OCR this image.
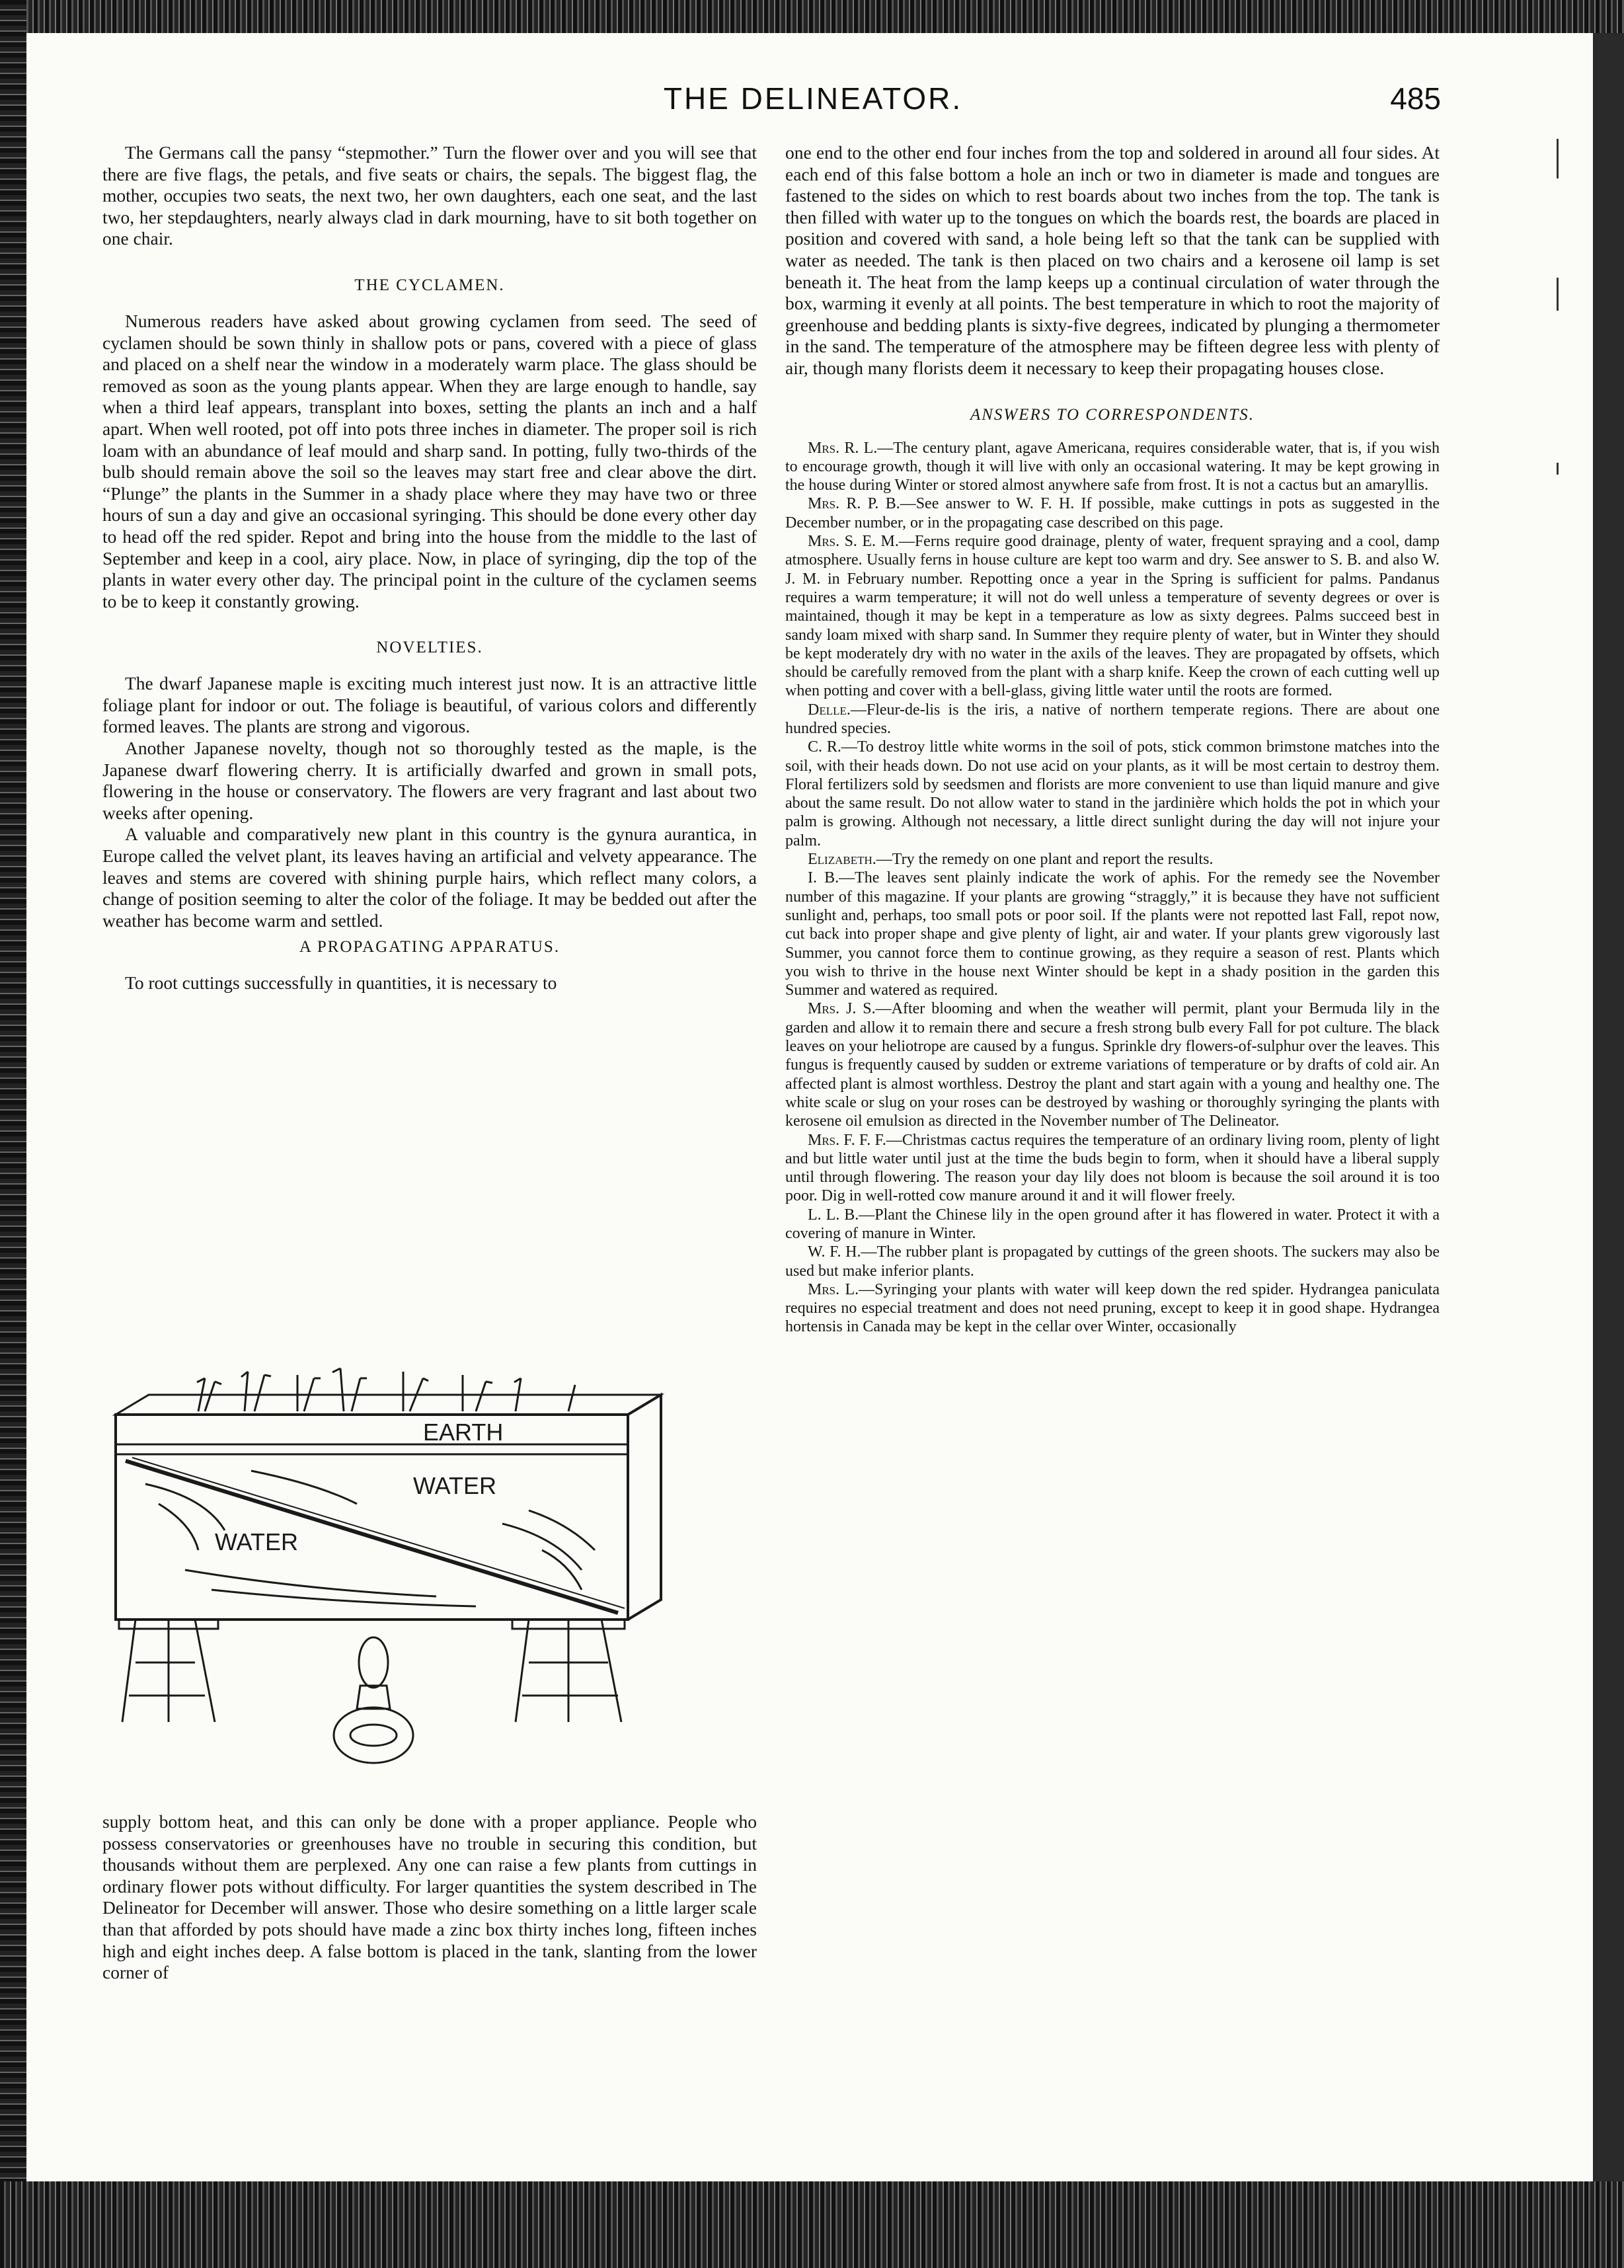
THE DELINEATOR.	485

The Germans call the pansy “stepmother.” Turn the flower over and you will see that there are five flags, the petals, and five seats or chairs, the sepals. The biggest flag, the mother, occupies two seats, the next two, her own daughters, each one seat, and the last two, her stepdaughters, nearly always clad in dark mourning, have to sit both together on one chair.

THE CYCLAMEN.

Numerous readers have asked about growing cyclamen from seed. The seed of cyclamen should be sown thinly in shallow pots or pans, covered with a piece of glass and placed on a shelf near the window in a moderately warm place. The glass should be removed as soon as the young plants appear. When they are large enough to handle, say when a third leaf appears, transplant into boxes, setting the plants an inch and a half apart. When well rooted, pot off into pots three inches in diameter. The proper soil is rich loam with an abundance of leaf mould and sharp sand. In potting, fully two-thirds of the bulb should remain above the soil so the leaves may start free and clear above the dirt. “Plunge” the plants in the Summer in a shady place where they may have two or three hours of sun a day and give an occasional syringing. This should be done every other day to head off the red spider. Repot and bring into the house from the middle to the last of September and keep in a cool, airy place. Now, in place of syringing, dip the top of the plants in water every other day. The principal point in the culture of the cyclamen seems to be to keep it constantly growing.

NOVELTIES.

The dwarf Japanese maple is exciting much interest just now. It is an attractive little foliage plant for indoor or out. The foliage is beautiful, of various colors and differently formed leaves. The plants are strong and vigorous.

Another Japanese novelty, though not so thoroughly tested as the maple, is the Japanese dwarf flowering cherry. It is artificially dwarfed and grown in small pots, flowering in the house or conservatory. The flowers are very fragrant and last about two weeks after opening.

A valuable and comparatively new plant in this country is the gynura aurantica, in Europe called the velvet plant, its leaves having an artificial and velvety appearance. The leaves and stems are covered with shining purple hairs, which reflect many colors, a change of position seeming to alter the color of the foliage. It may be bedded out after the weather has become warm and settled.

A PROPAGATING APPARATUS.

To root cuttings successfully in quantities, it is necessary to

EARTH
WATER
WATER

supply bottom heat, and this can only be done with a proper appliance. People who possess conservatories or greenhouses have no trouble in securing this condition, but thousands without them are perplexed. Any one can raise a few plants from cuttings in ordinary flower pots without difficulty. For larger quantities the system described in The Delineator for December will answer. Those who desire something on a little larger scale than that afforded by pots should have made a zinc box thirty inches long, fifteen inches high and eight inches deep. A false bottom is placed in the tank, slanting from the lower corner of

one end to the other end four inches from the top and soldered in around all four sides. At each end of this false bottom a hole an inch or two in diameter is made and tongues are fastened to the sides on which to rest boards about two inches from the top. The tank is then filled with water up to the tongues on which the boards rest, the boards are placed in position and covered with sand, a hole being left so that the tank can be supplied with water as needed. The tank is then placed on two chairs and a kerosene oil lamp is set beneath it. The heat from the lamp keeps up a continual circulation of water through the box, warming it evenly at all points. The best temperature in which to root the majority of greenhouse and bedding plants is sixty-five degrees, indicated by plunging a thermometer in the sand. The temperature of the atmosphere may be fifteen degree less with plenty of air, though many florists deem it necessary to keep their propagating houses close.

ANSWERS TO CORRESPONDENTS.

Mrs. R. L.—The century plant, agave Americana, requires considerable water, that is, if you wish to encourage growth, though it will live with only an occasional watering. It may be kept growing in the house during Winter or stored almost anywhere safe from frost. It is not a cactus but an amaryllis.

Mrs. R. P. B.—See answer to W. F. H. If possible, make cuttings in pots as suggested in the December number, or in the propagating case described on this page.

Mrs. S. E. M.—Ferns require good drainage, plenty of water, frequent spraying and a cool, damp atmosphere. Usually ferns in house culture are kept too warm and dry. See answer to S. B. and also W. J. M. in February number. Repotting once a year in the Spring is sufficient for palms. Pandanus requires a warm temperature; it will not do well unless a temperature of seventy degrees or over is maintained, though it may be kept in a temperature as low as sixty degrees. Palms succeed best in sandy loam mixed with sharp sand. In Summer they require plenty of water, but in Winter they should be kept moderately dry with no water in the axils of the leaves. They are propagated by offsets, which should be carefully removed from the plant with a sharp knife. Keep the crown of each cutting well up when potting and cover with a bell-glass, giving little water until the roots are formed.

Delle.—Fleur-de-lis is the iris, a native of northern temperate regions. There are about one hundred species.

C. R.—To destroy little white worms in the soil of pots, stick common brimstone matches into the soil, with their heads down. Do not use acid on your plants, as it will be most certain to destroy them. Floral fertilizers sold by seedsmen and florists are more convenient to use than liquid manure and give about the same result. Do not allow water to stand in the jardinière which holds the pot in which your palm is growing. Although not necessary, a little direct sunlight during the day will not injure your palm.

Elizabeth.—Try the remedy on one plant and report the results.

I. B.—The leaves sent plainly indicate the work of aphis. For the remedy see the November number of this magazine. If your plants are growing “straggly,” it is because they have not sufficient sunlight and, perhaps, too small pots or poor soil. If the plants were not repotted last Fall, repot now, cut back into proper shape and give plenty of light, air and water. If your plants grew vigorously last Summer, you cannot force them to continue growing, as they require a season of rest. Plants which you wish to thrive in the house next Winter should be kept in a shady position in the garden this Summer and watered as required.

Mrs. J. S.—After blooming and when the weather will permit, plant your Bermuda lily in the garden and allow it to remain there and secure a fresh strong bulb every Fall for pot culture. The black leaves on your heliotrope are caused by a fungus. Sprinkle dry flowers-of-sulphur over the leaves. This fungus is frequently caused by sudden or extreme variations of temperature or by drafts of cold air. An affected plant is almost worthless. Destroy the plant and start again with a young and healthy one. The white scale or slug on your roses can be destroyed by washing or thoroughly syringing the plants with kerosene oil emulsion as directed in the November number of The Delineator.

Mrs. F. F. F.—Christmas cactus requires the temperature of an ordinary living room, plenty of light and but little water until just at the time the buds begin to form, when it should have a liberal supply until through flowering. The reason your day lily does not bloom is because the soil around it is too poor. Dig in well-rotted cow manure around it and it will flower freely.

L. L. B.—Plant the Chinese lily in the open ground after it has flowered in water. Protect it with a covering of manure in Winter.

W. F. H.—The rubber plant is propagated by cuttings of the green shoots. The suckers may also be used but make inferior plants.

Mrs. L.—Syringing your plants with water will keep down the red spider. Hydrangea paniculata requires no especial treatment and does not need pruning, except to keep it in good shape. Hydrangea hortensis in Canada may be kept in the cellar over Winter, occasionally
